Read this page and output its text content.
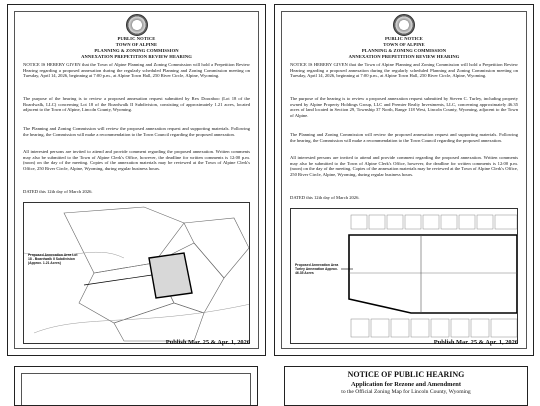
PUBLIC NOTICE
TOWN OF ALPINE
PLANNING & ZONING COMMISSION
ANNEXATION PREPETITION REVIEW HEARING
NOTICE IS HEREBY GIVEN that the Town of Alpine Planning and Zoning Commission will hold a Prepetition Review Hearing regarding a proposed annexation during the regularly scheduled Planning and Zoning Commission meeting on Tuesday, April 14, 2026, beginning at 7:00 p.m., at Alpine Town Hall, 250 River Circle, Alpine, Wyoming.
The purpose of the hearing is to review a proposed annexation request submitted by Rex Dooraboo (Lot 18 of the Boardwalk, LLC) concerning Lot 18 of the Boardwalk II Subdivision, consisting of approximately 1.21 acres, located adjacent to the Town of Alpine, Lincoln County, Wyoming.
The Planning and Zoning Commission will review the proposed annexation request and supporting materials. Following the hearing, the Commission will make a recommendation to the Town Council regarding the proposed annexation.
All interested persons are invited to attend and provide comment regarding the proposed annexation. Written comments may also be submitted to the Town of Alpine Clerk's Office, however, the deadline for written comments is 12:00 p.m. (noon) on the day of the meeting. Copies of the annexation materials may be reviewed at the Town of Alpine Clerk's Office, 250 River Circle, Alpine, Wyoming, during regular business hours.
DATED this 12th day of March 2026.
Proposed Annexation Area Lot 18 - Boardwalk II Subdivision (Approx. 1.21 Acres)
Publish Mar. 25 & Apr. 1, 2026
PUBLIC NOTICE
TOWN OF ALPINE
PLANNING & ZONING COMMISSION
ANNEXATION PREPETITION REVIEW HEARING
NOTICE IS HEREBY GIVEN that the Town of Alpine Planning and Zoning Commission will hold a Prepetition Review Hearing regarding a proposed annexation during the regularly scheduled Planning and Zoning Commission meeting on Tuesday, April 14, 2026, beginning at 7:00 p.m., at Alpine Town Hall, 250 River Circle, Alpine, Wyoming.
The purpose of the hearing is to review a proposed annexation request submitted by Steven C. Turley, including property owned by Alpine Property Holdings Group, LLC and Premier Realty Investments, LLC, concerning approximately 46.35 acres of land located in Section 29, Township 37 North, Range 118 West, Lincoln County, Wyoming, adjacent to the Town of Alpine.
The Planning and Zoning Commission will review the proposed annexation request and supporting materials. Following the hearing, the Commission will make a recommendation to the Town Council regarding the proposed annexation.
All interested persons are invited to attend and provide comment regarding the proposed annexation. Written comments may also be submitted to the Town of Alpine Clerk's Office, however, the deadline for written comments is 12:00 p.m. (noon) on the day of the meeting. Copies of the annexation materials may be reviewed at the Town of Alpine Clerk's Office, 250 River Circle, Alpine, Wyoming, during regular business hours.
DATED this 12th day of March 2026.
Proposed Annexation Area Turley Annexation Approx. 46.35 Acres
Publish Mar. 25 & Apr. 1, 2026
NOTICE OF PUBLIC HEARING
Application for Rezone and Amendment
to the Official Zoning Map for Lincoln County, Wyoming
